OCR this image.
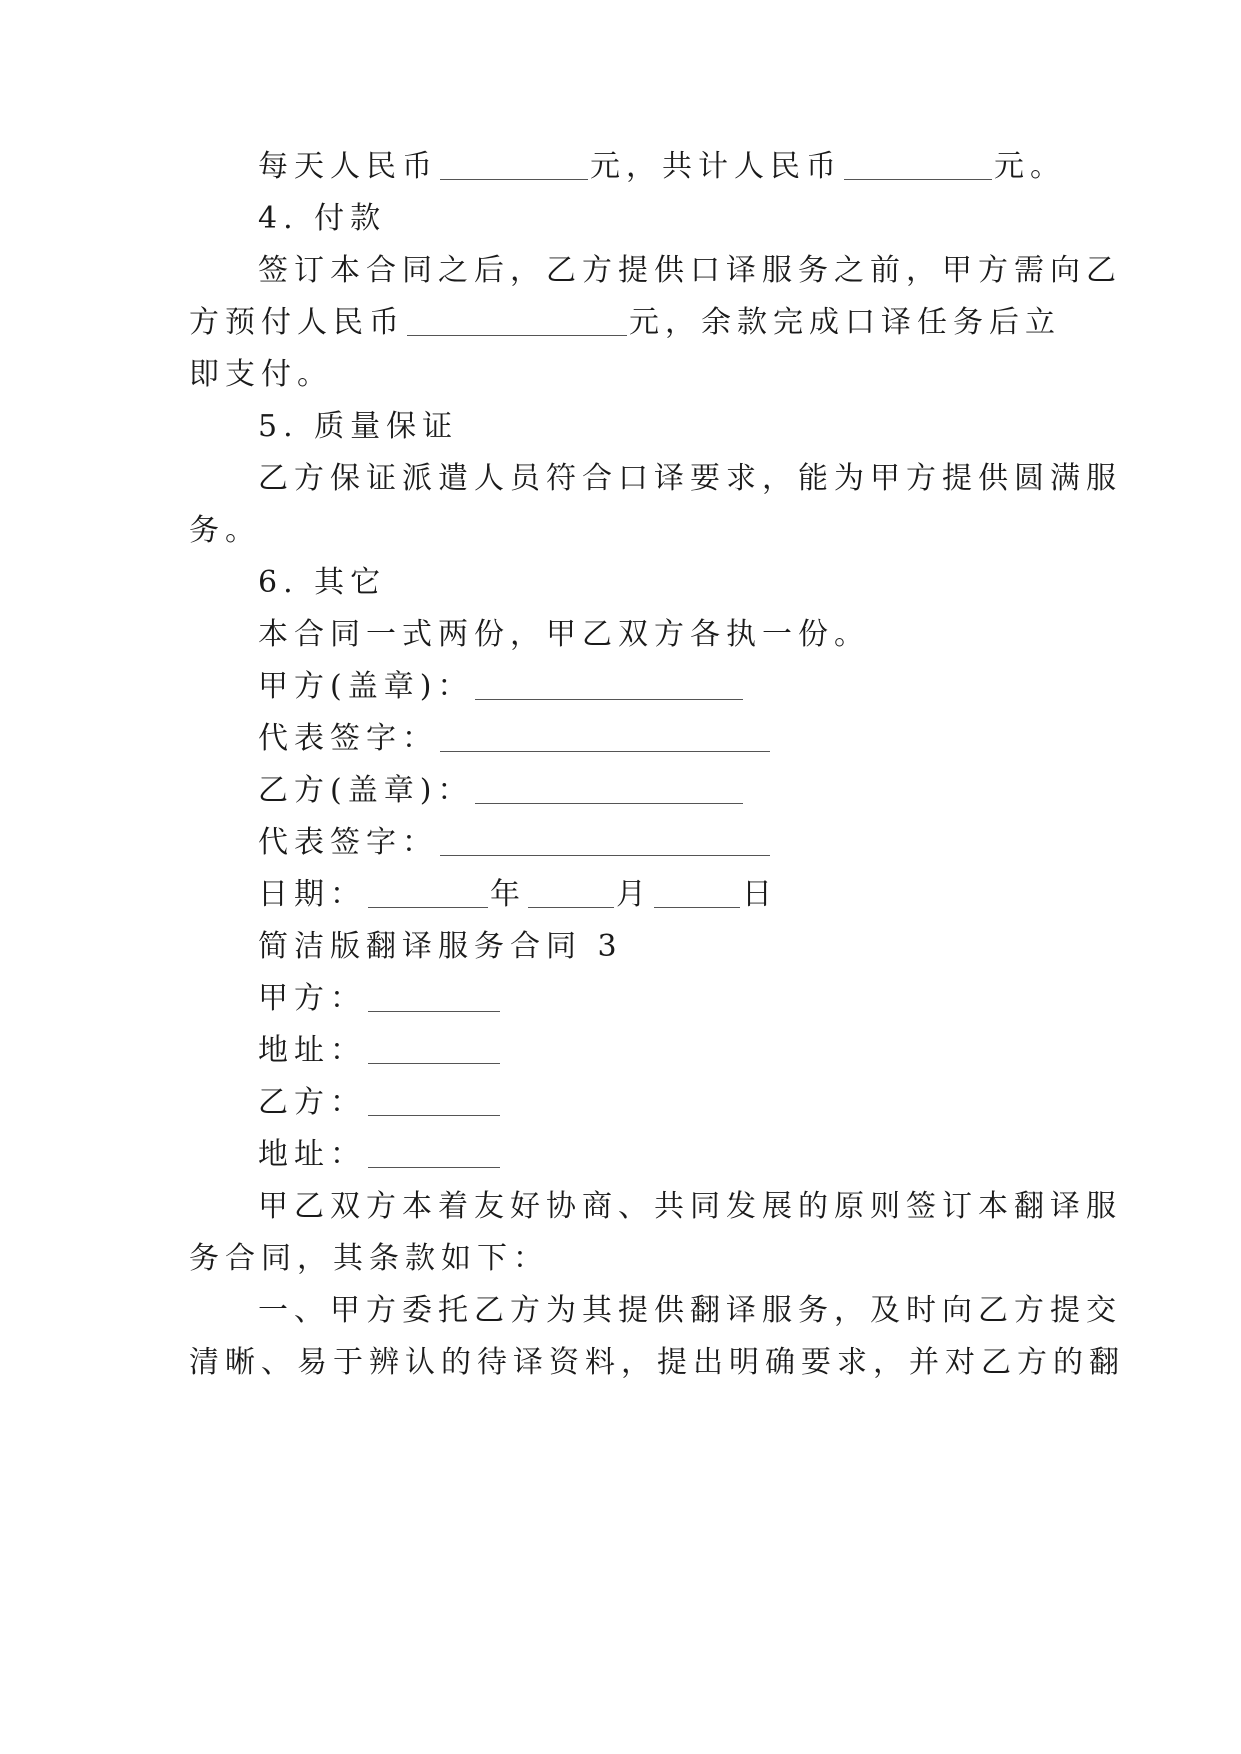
每天人民币	元，共计人民币	元。
4. 付款
签订本合同之后，乙方提供口译服务之前，甲方需向乙
方预付人民币	元，余款完成口译任务后立
即支付。
5. 质量保证
乙方保证派遣人员符合口译要求，能为甲方提供圆满服
务。
6. 其它
本合同一式两份，甲乙双方各执一份。
甲方(盖章)：
代表签字：
乙方(盖章)：
代表签字：
日期：	年	月	日
简洁版翻译服务合同 3
甲方：
地址：
乙方：
地址：
甲乙双方本着友好协商、共同发展的原则签订本翻译服
务合同，其条款如下：
一、甲方委托乙方为其提供翻译服务，及时向乙方提交
清晰、易于辨认的待译资料，提出明确要求，并对乙方的翻
